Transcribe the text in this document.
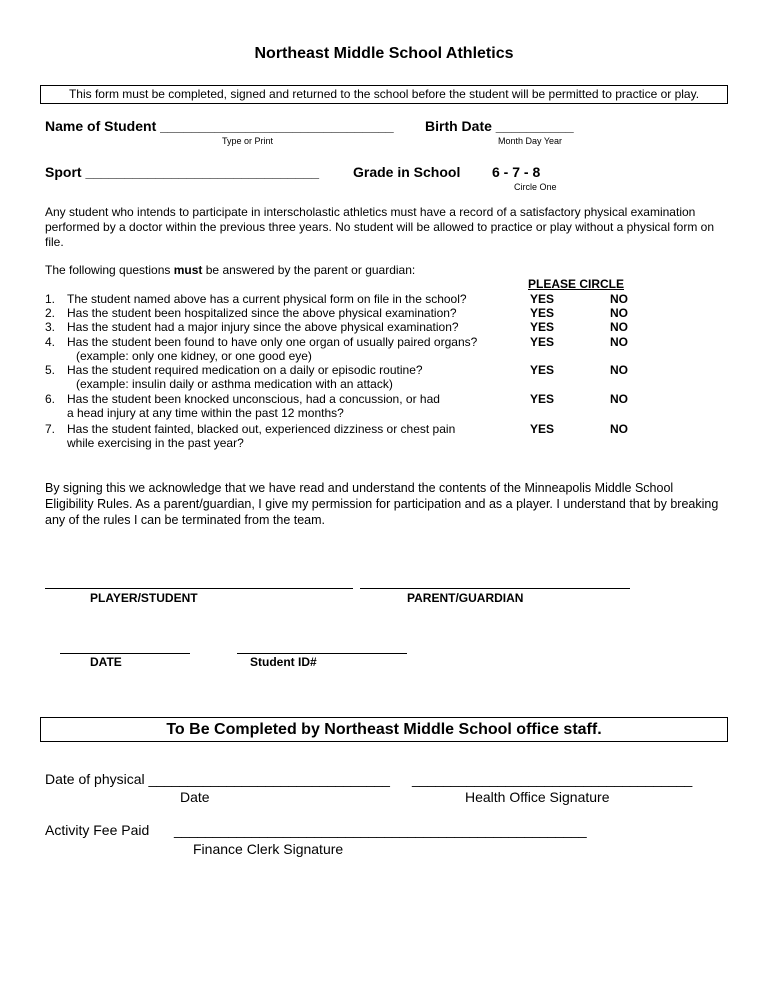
Northeast Middle School Athletics
This form must be completed, signed and returned to the school before the student will be permitted to practice or play.
Name of Student ______________________________
Type or Print
Birth Date __________
Month Day Year
Sport ______________________________ Grade in School 6 - 7 - 8
Circle One
Any student who intends to participate in interscholastic athletics must have a record of a satisfactory physical examination performed by a doctor within the previous three years. No student will be allowed to practice or play without a physical form on file.
The following questions must be answered by the parent or guardian:
PLEASE CIRCLE
1. The student named above has a current physical form on file in the school?	YES	NO
2. Has the student been hospitalized since the above physical examination?	YES	NO
3. Has the student had a major injury since the above physical examination?	YES	NO
4. Has the student been found to have only one organ of usually paired organs?
(example: only one kidney, or one good eye)
YES	NO
5. Has the student required medication on a daily or episodic routine?
(example: insulin daily or asthma medication with an attack)
YES	NO
6. Has the student been knocked unconscious, had a concussion, or had
a head injury at any time within the past 12 months?
YES	NO
7. Has the student fainted, blacked out, experienced dizziness or chest pain
while exercising in the past year?
YES	NO
By signing this we acknowledge that we have read and understand the contents of the Minneapolis Middle School Eligibility Rules. As a parent/guardian, I give my permission for participation and as a player. I understand that by breaking any of the rules I can be terminated from the team.
PLAYER/STUDENT	PARENT/GUARDIAN
DATE	Student ID#
To Be Completed by Northeast Middle School office staff.
Date of physical _______________________________ ____________________________________
Date	Health Office Signature
Activity Fee Paid _____________________________________________________
Finance Clerk Signature
